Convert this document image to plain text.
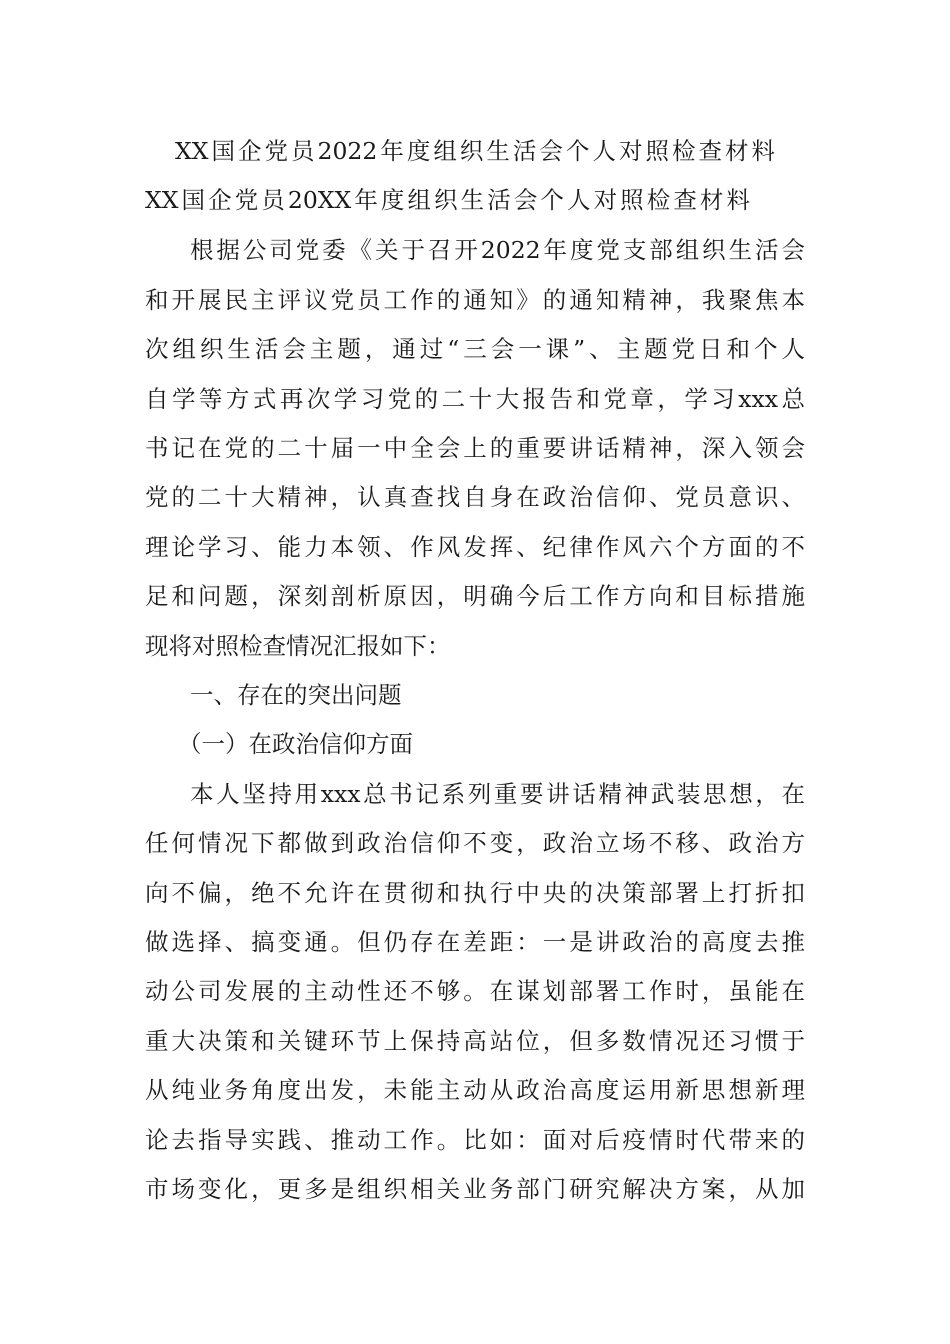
XX国企党员2022年度组织生活会个人对照检查材料
XX国企党员20XX年度组织生活会个人对照检查材料
根据公司党委《关于召开2022年度党支部组织生活会
和开展民主评议党员工作的通知》的通知精神，我聚焦本
次组织生活会主题，通过“三会一课”、主题党日和个人
自学等方式再次学习党的二十大报告和党章，学习xxx总
书记在党的二十届一中全会上的重要讲话精神，深入领会
党的二十大精神，认真查找自身在政治信仰、党员意识、
理论学习、能力本领、作风发挥、纪律作风六个方面的不
足和问题，深刻剖析原因，明确今后工作方向和目标措施
现将对照检查情况汇报如下：
一、存在的突出问题
（一）在政治信仰方面
本人坚持用xxx总书记系列重要讲话精神武装思想，在
任何情况下都做到政治信仰不变，政治立场不移、政治方
向不偏，绝不允许在贯彻和执行中央的决策部署上打折扣
做选择、搞变通。但仍存在差距：一是讲政治的高度去推
动公司发展的主动性还不够。在谋划部署工作时，虽能在
重大决策和关键环节上保持高站位，但多数情况还习惯于
从纯业务角度出发，未能主动从政治高度运用新思想新理
论去指导实践、推动工作。比如：面对后疫情时代带来的
市场变化，更多是组织相关业务部门研究解决方案，从加
